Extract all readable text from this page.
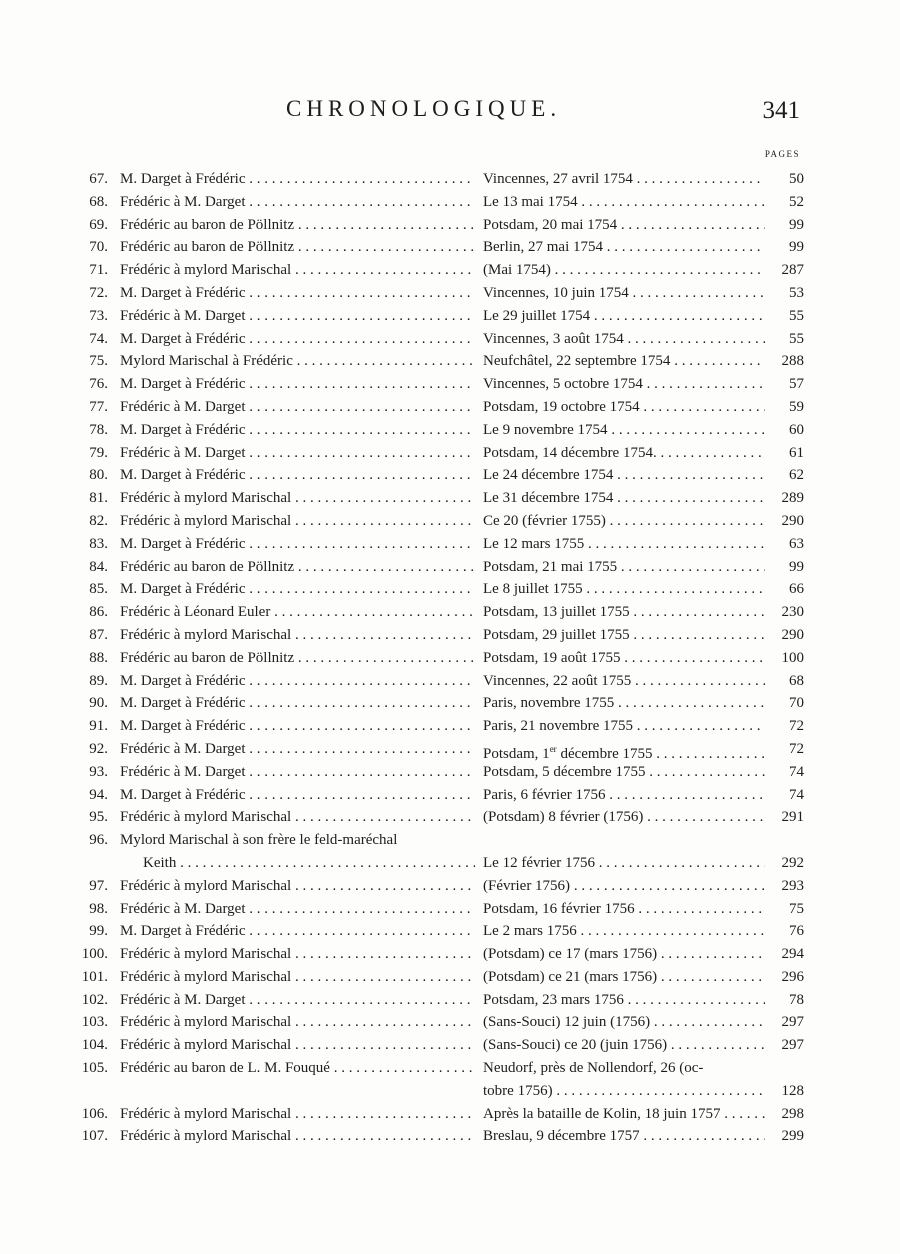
CHRONOLOGIQUE.	341
PAGES
67. M. Darget à Frédéric . . .	Vincennes, 27 avril 1754 . . .	50
68. Frédéric à M. Darget . . .	Le 13 mai 1754 . . .	52
69. Frédéric au baron de Pöllnitz . . .	Potsdam, 20 mai 1754 . . .	99
70. Frédéric au baron de Pöllnitz . . .	Berlin, 27 mai 1754 . . .	99
71. Frédéric à mylord Marischal . . .	(Mai 1754) . . .	287
72. M. Darget à Frédéric . . .	Vincennes, 10 juin 1754 . . .	53
73. Frédéric à M. Darget . . .	Le 29 juillet 1754 . . .	55
74. M. Darget à Frédéric . . .	Vincennes, 3 août 1754 . . .	55
75. Mylord Marischal à Frédéric . . .	Neufchâtel, 22 septembre 1754 . . .	288
76. M. Darget à Frédéric . . .	Vincennes, 5 octobre 1754 . . .	57
77. Frédéric à M. Darget . . .	Potsdam, 19 octobre 1754 . . .	59
78. M. Darget à Frédéric . . .	Le 9 novembre 1754 . . .	60
79. Frédéric à M. Darget . . .	Potsdam, 14 décembre 1754. . . .	61
80. M. Darget à Frédéric . . .	Le 24 décembre 1754 . . .	62
81. Frédéric à mylord Marischal . . .	Le 31 décembre 1754 . . .	289
82. Frédéric à mylord Marischal . . .	Ce 20 (février 1755) . . .	290
83. M. Darget à Frédéric . . .	Le 12 mars 1755 . . .	63
84. Frédéric au baron de Pöllnitz . . .	Potsdam, 21 mai 1755 . . .	99
85. M. Darget à Frédéric . . .	Le 8 juillet 1755 . . .	66
86. Frédéric à Léonard Euler . . .	Potsdam, 13 juillet 1755 . . .	230
87. Frédéric à mylord Marischal . . .	Potsdam, 29 juillet 1755 . . .	290
88. Frédéric au baron de Pöllnitz . . .	Potsdam, 19 août 1755 . . .	100
89. M. Darget à Frédéric . . .	Vincennes, 22 août 1755 . . .	68
90. M. Darget à Frédéric . . .	Paris, novembre 1755 . . .	70
91. M. Darget à Frédéric . . .	Paris, 21 novembre 1755 . . .	72
92. Frédéric à M. Darget . . .	Potsdam, 1er décembre 1755 . . .	72
93. Frédéric à M. Darget . . .	Potsdam, 5 décembre 1755 . . .	74
94. M. Darget à Frédéric . . .	Paris, 6 février 1756 . . .	74
95. Frédéric à mylord Marischal . . .	(Potsdam) 8 février (1756) . . .	291
96. Mylord Marischal à son frère le feld-maréchal
Keith . . .	Le 12 février 1756 . . .	292
97. Frédéric à mylord Marischal . . .	(Février 1756) . . .	293
98. Frédéric à M. Darget . . .	Potsdam, 16 février 1756 . . .	75
99. M. Darget à Frédéric . . .	Le 2 mars 1756 . . .	76
100. Frédéric à mylord Marischal . . .	(Potsdam) ce 17 (mars 1756) . . .	294
101. Frédéric à mylord Marischal . . .	(Potsdam) ce 21 (mars 1756) . . .	296
102. Frédéric à M. Darget . . .	Potsdam, 23 mars 1756 . . .	78
103. Frédéric à mylord Marischal . . .	(Sans-Souci) 12 juin (1756) . . .	297
104. Frédéric à mylord Marischal . . .	(Sans-Souci) ce 20 (juin 1756) . . .	297
105. Frédéric au baron de L. M. Fouqué . . .	Neudorf, près de Nollendorf, 26 (oc-
tobre 1756) . . .	128
106. Frédéric à mylord Marischal . . .	Après la bataille de Kolin, 18 juin 1757 . . .	298
107. Frédéric à mylord Marischal . . .	Breslau, 9 décembre 1757 . . .	299
